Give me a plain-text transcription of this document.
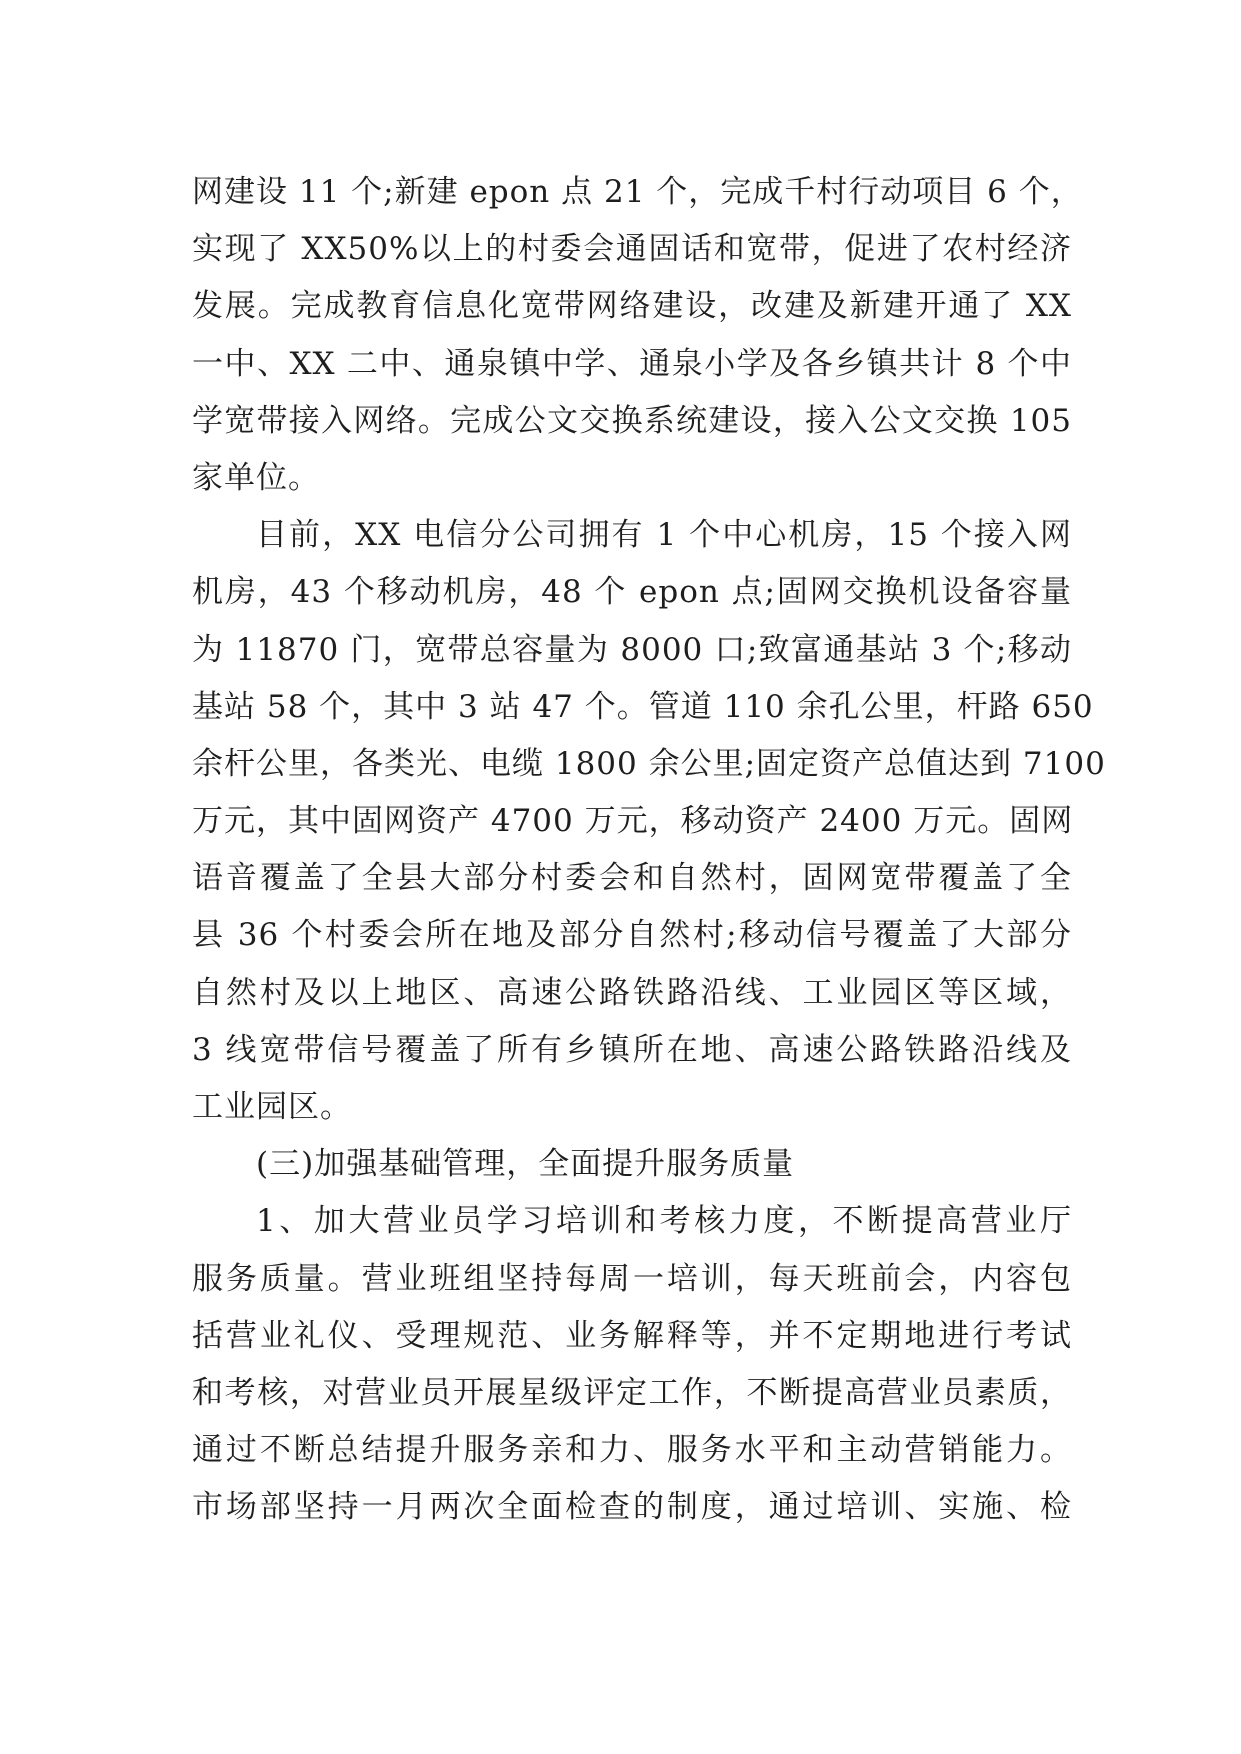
网建设 11 个;新建 epon 点 21 个，完成千村行动项目 6 个，
实现了 XX50%以上的村委会通固话和宽带，促进了农村经济
发展。完成教育信息化宽带网络建设，改建及新建开通了 XX
一中、XX 二中、通泉镇中学、通泉小学及各乡镇共计 8 个中
学宽带接入网络。完成公文交换系统建设，接入公文交换 105
家单位。
目前，XX 电信分公司拥有 1 个中心机房，15 个接入网
机房，43 个移动机房，48 个 epon 点;固网交换机设备容量
为 11870 门，宽带总容量为 8000 口;致富通基站 3 个;移动
基站 58 个，其中 3 站 47 个。管道 110 余孔公里，杆路 650
余杆公里，各类光、电缆 1800 余公里;固定资产总值达到 7100
万元，其中固网资产 4700 万元，移动资产 2400 万元。固网
语音覆盖了全县大部分村委会和自然村，固网宽带覆盖了全
县 36 个村委会所在地及部分自然村;移动信号覆盖了大部分
自然村及以上地区、高速公路铁路沿线、工业园区等区域，
3 线宽带信号覆盖了所有乡镇所在地、高速公路铁路沿线及
工业园区。
(三)加强基础管理，全面提升服务质量
1、加大营业员学习培训和考核力度，不断提高营业厅
服务质量。营业班组坚持每周一培训，每天班前会，内容包
括营业礼仪、受理规范、业务解释等，并不定期地进行考试
和考核，对营业员开展星级评定工作，不断提高营业员素质，
通过不断总结提升服务亲和力、服务水平和主动营销能力。
市场部坚持一月两次全面检查的制度，通过培训、实施、检
